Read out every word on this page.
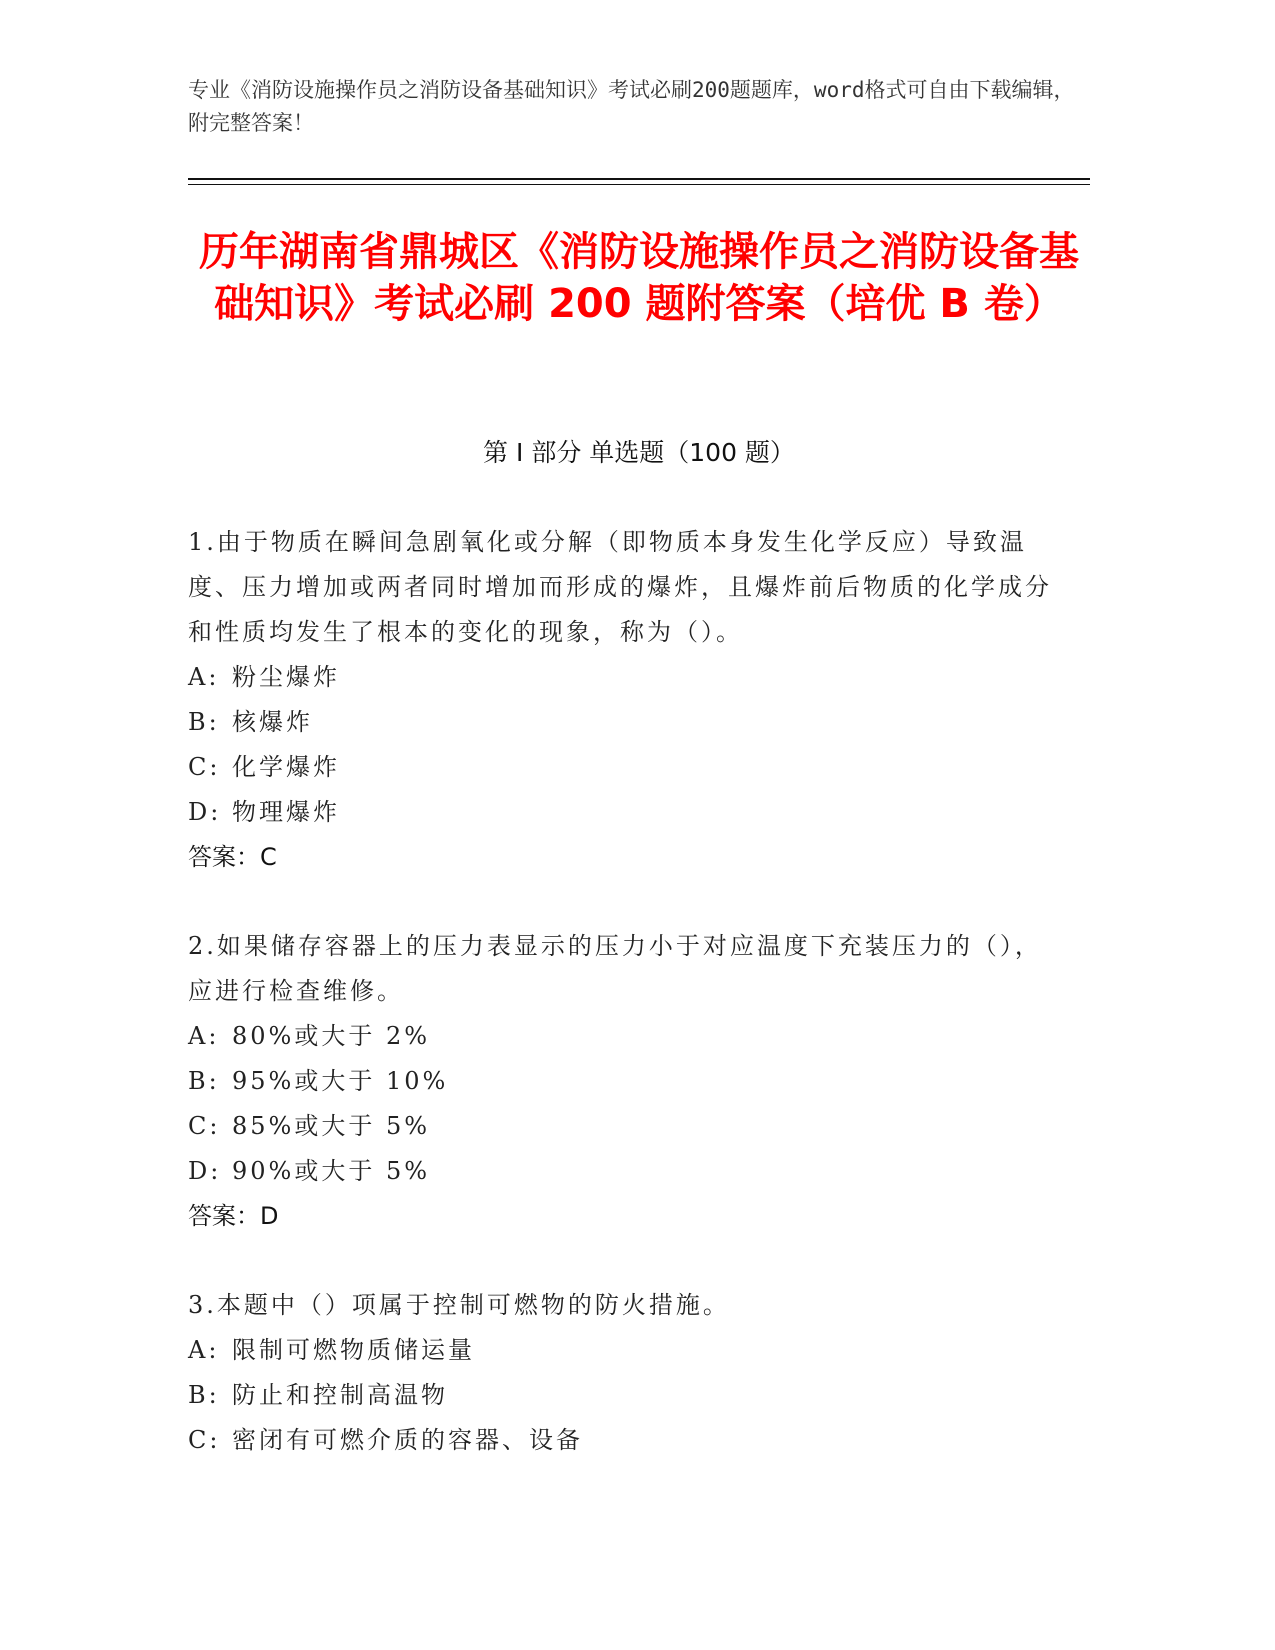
专业《消防设施操作员之消防设备基础知识》考试必刷200题题库，word格式可自由下载编辑，附完整答案！
历年湖南省鼎城区《消防设施操作员之消防设备基础知识》考试必刷 200 题附答案（培优 B 卷）
第 I 部分 单选题（100 题）
1.由于物质在瞬间急剧氧化或分解（即物质本身发生化学反应）导致温度、压力增加或两者同时增加而形成的爆炸，且爆炸前后物质的化学成分和性质均发生了根本的变化的现象，称为（）。
A: 粉尘爆炸
B: 核爆炸
C: 化学爆炸
D: 物理爆炸
答案：C
2.如果储存容器上的压力表显示的压力小于对应温度下充装压力的（），应进行检查维修。
A: 80%或大于 2%
B: 95%或大于 10%
C: 85%或大于 5%
D: 90%或大于 5%
答案：D
3.本题中（）项属于控制可燃物的防火措施。
A: 限制可燃物质储运量
B: 防止和控制高温物
C: 密闭有可燃介质的容器、设备
